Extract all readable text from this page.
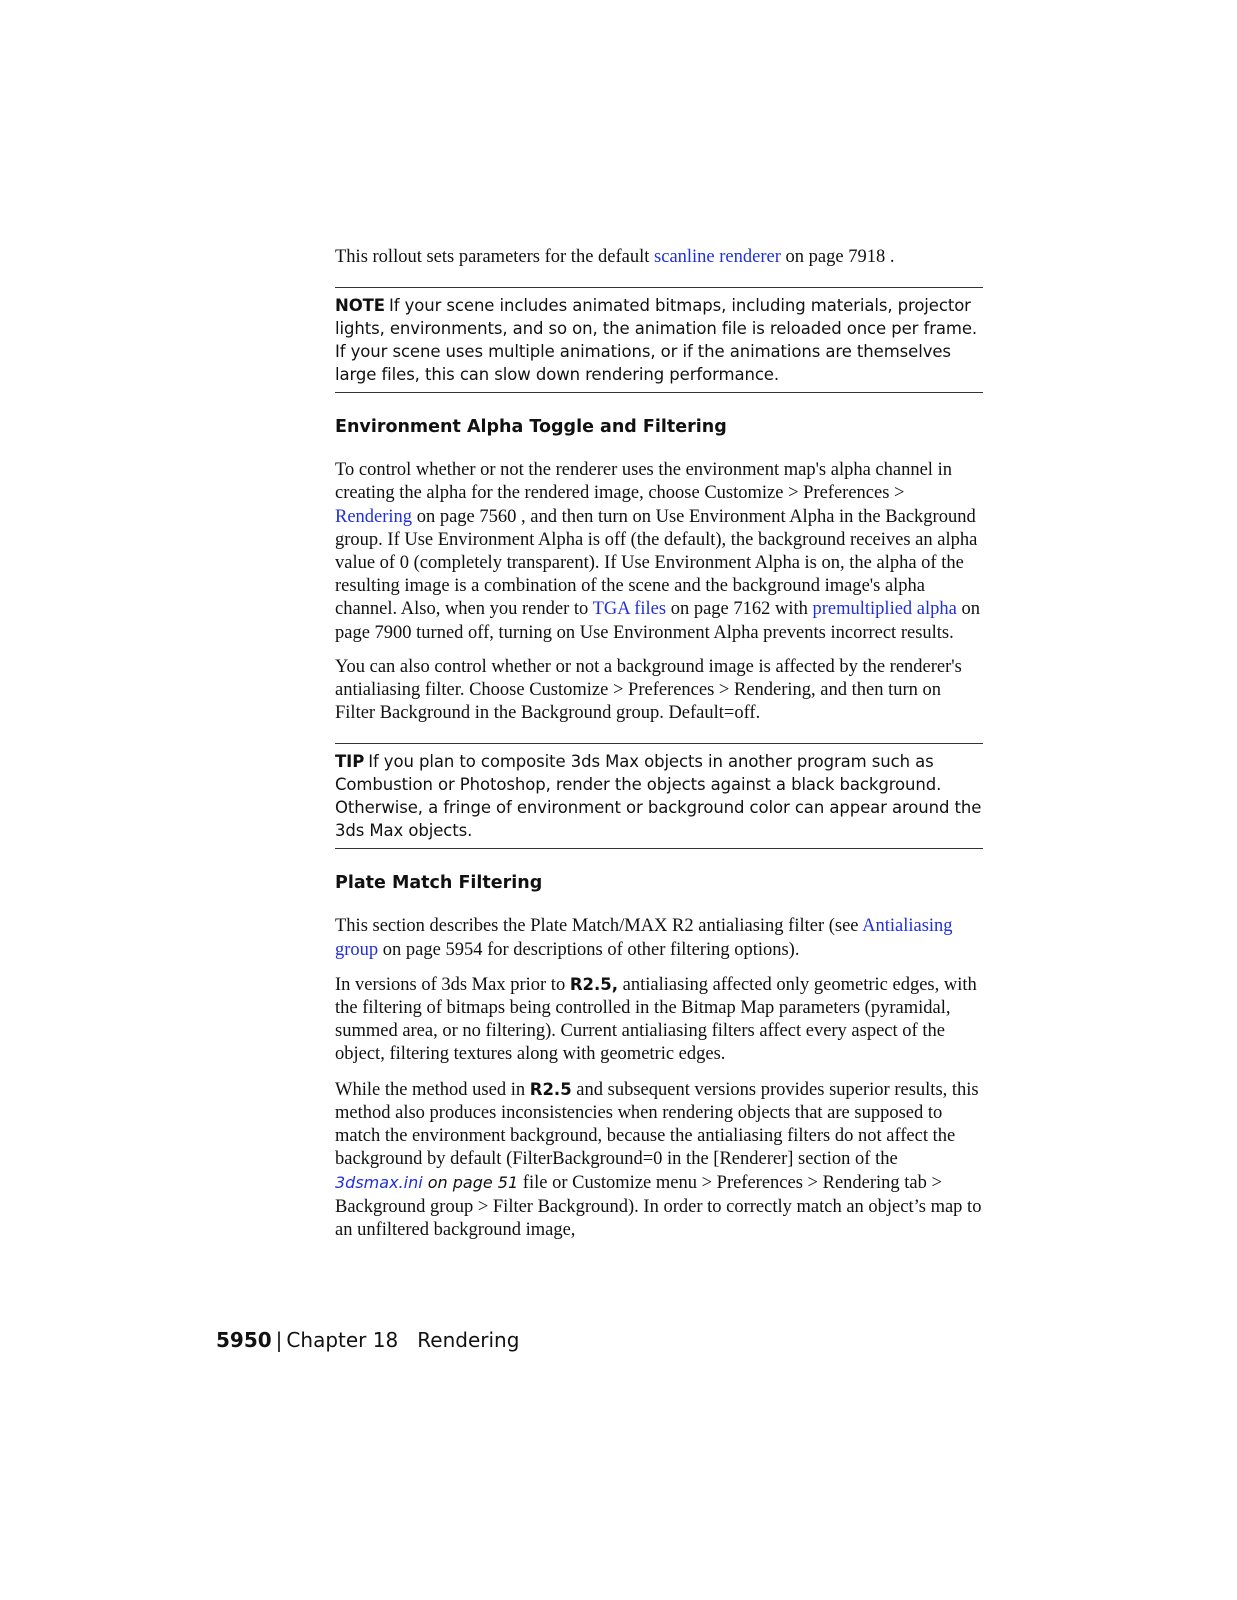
This rollout sets parameters for the default scanline renderer on page 7918 .

NOTE If your scene includes animated bitmaps, including materials, projector lights, environments, and so on, the animation file is reloaded once per frame. If your scene uses multiple animations, or if the animations are themselves large files, this can slow down rendering performance.
Environment Alpha Toggle and Filtering

To control whether or not the renderer uses the environment map's alpha channel in creating the alpha for the rendered image, choose Customize > Preferences > Rendering on page 7560 , and then turn on Use Environment Alpha in the Background group. If Use Environment Alpha is off (the default), the background receives an alpha value of 0 (completely transparent). If Use Environment Alpha is on, the alpha of the resulting image is a combination of the scene and the background image's alpha channel. Also, when you render to TGA files on page 7162 with premultiplied alpha on page 7900 turned off, turning on Use Environment Alpha prevents incorrect results.

You can also control whether or not a background image is affected by the renderer's antialiasing filter. Choose Customize > Preferences > Rendering, and then turn on Filter Background in the Background group. Default=off.

TIP If you plan to composite 3ds Max objects in another program such as Combustion or Photoshop, render the objects against a black background. Otherwise, a fringe of environment or background color can appear around the 3ds Max objects.
Plate Match Filtering

This section describes the Plate Match/MAX R2 antialiasing filter (see Antialiasing group on page 5954 for descriptions of other filtering options).

In versions of 3ds Max prior to R2.5, antialiasing affected only geometric edges, with the filtering of bitmaps being controlled in the Bitmap Map parameters (pyramidal, summed area, or no filtering). Current antialiasing filters affect every aspect of the object, filtering textures along with geometric edges.

While the method used in R2.5 and subsequent versions provides superior results, this method also produces inconsistencies when rendering objects that are supposed to match the environment background, because the antialiasing filters do not affect the background by default (FilterBackground=0 in the [Renderer] section of the 3dsmax.ini on page 51 file or Customize menu > Preferences > Rendering tab > Background group > Filter Background). In order to correctly match an object’s map to an unfiltered background image,

5950 | Chapter 18 Rendering
